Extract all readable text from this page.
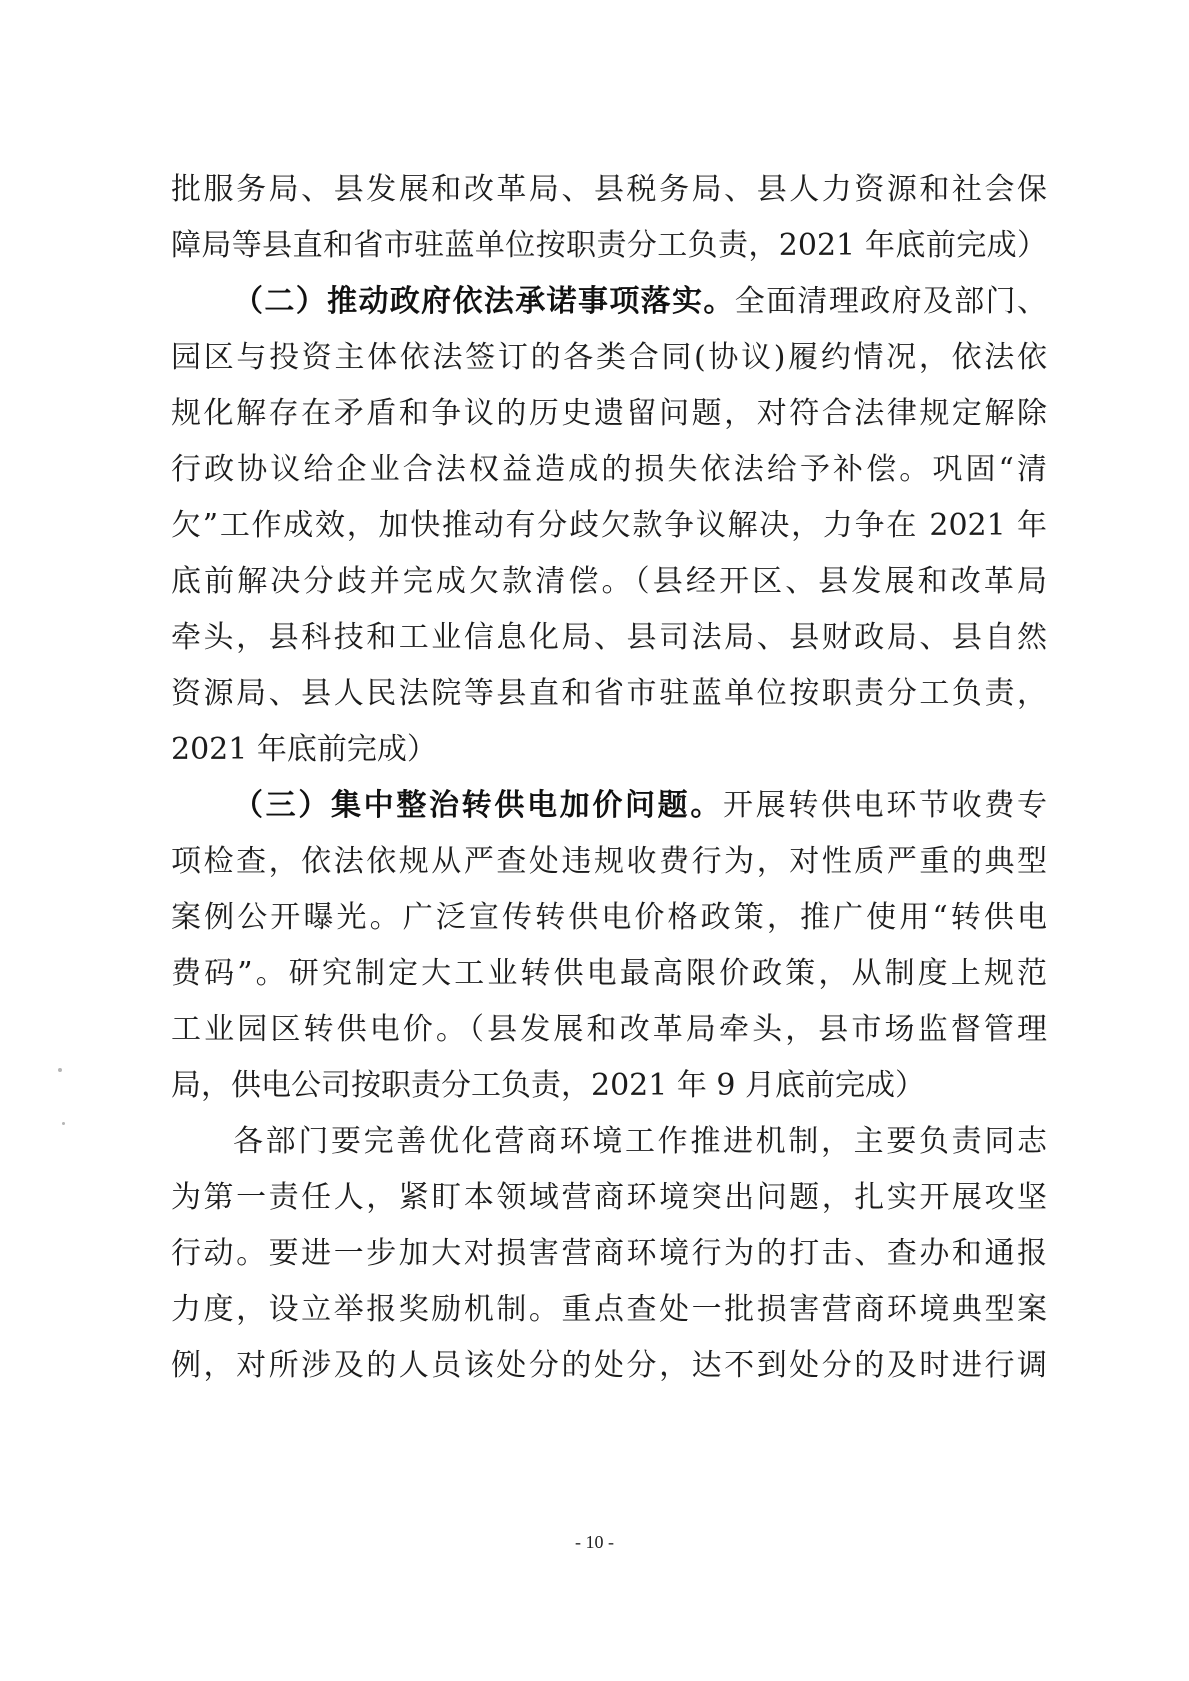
批服务局、县发展和改革局、县税务局、县人力资源和社会保
障局等县直和省市驻蓝单位按职责分工负责，2021 年底前完成）
（二）推动政府依法承诺事项落实。全面清理政府及部门、
园区与投资主体依法签订的各类合同(协议)履约情况，依法依
规化解存在矛盾和争议的历史遗留问题，对符合法律规定解除
行政协议给企业合法权益造成的损失依法给予补偿。巩固“清
欠”工作成效，加快推动有分歧欠款争议解决，力争在 2021 年
底前解决分歧并完成欠款清偿。（县经开区、县发展和改革局
牵头，县科技和工业信息化局、县司法局、县财政局、县自然
资源局、县人民法院等县直和省市驻蓝单位按职责分工负责，
2021 年底前完成）
（三）集中整治转供电加价问题。开展转供电环节收费专
项检查，依法依规从严查处违规收费行为，对性质严重的典型
案例公开曝光。广泛宣传转供电价格政策，推广使用“转供电
费码”。研究制定大工业转供电最高限价政策，从制度上规范
工业园区转供电价。（县发展和改革局牵头，县市场监督管理
局，供电公司按职责分工负责，2021 年 9 月底前完成）
各部门要完善优化营商环境工作推进机制，主要负责同志
为第一责任人，紧盯本领域营商环境突出问题，扎实开展攻坚
行动。要进一步加大对损害营商环境行为的打击、查办和通报
力度，设立举报奖励机制。重点查处一批损害营商环境典型案
例，对所涉及的人员该处分的处分，达不到处分的及时进行调
- 10 -
